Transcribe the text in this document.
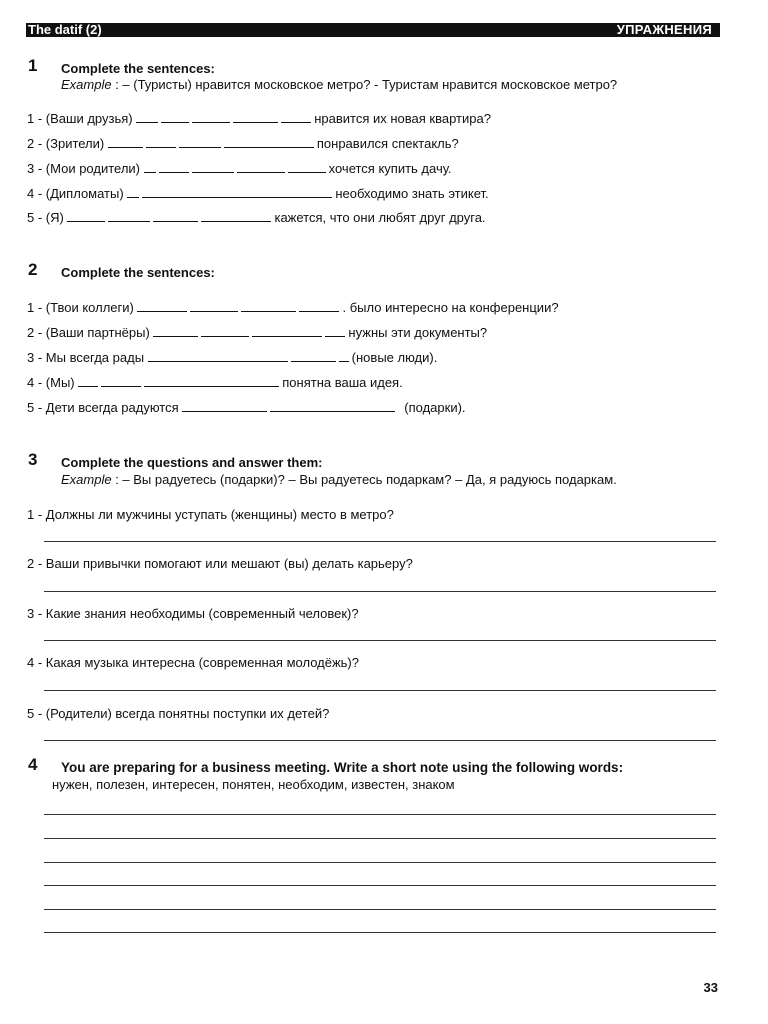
The datif (2)	УПРАЖНЕНИЯ
1 Complete the sentences:
Example : – (Туристы) нравится московское метро? - Туристам нравится московское метро?
1 - (Ваши друзья)	нравится их новая квартира?
2 - (Зрители)	понравился спектакль?
3 - (Мои родители)	хочется купить дачу.
4 - (Дипломаты)	необходимо знать этикет.
5 - (Я)	кажется, что они любят друг друга.
2 Complete the sentences:
1 - (Твои коллеги)	. было интересно на конференции?
2 - (Ваши партнёры)	нужны эти документы?
3 - Мы всегда рады	(новые люди).
4 - (Мы)	понятна ваша идея.
5 - Дети всегда радуются	(подарки).
3 Complete the questions and answer them:
Example : – Вы радуетесь (подарки)? – Вы радуетесь подаркам? – Да, я радуюсь подаркам.
1 - Должны ли мужчины уступать (женщины) место в метро?
2 - Ваши привычки помогают или мешают (вы) делать карьеру?
3 - Какие знания необходимы (современный человек)?
4 - Какая музыка интересна (современная молодёжь)?
5 - (Родители) всегда понятны поступки их детей?
4 You are preparing for a business meeting. Write a short note using the following words:
нужен, полезен, интересен, понятен, необходим, известен, знаком
33
